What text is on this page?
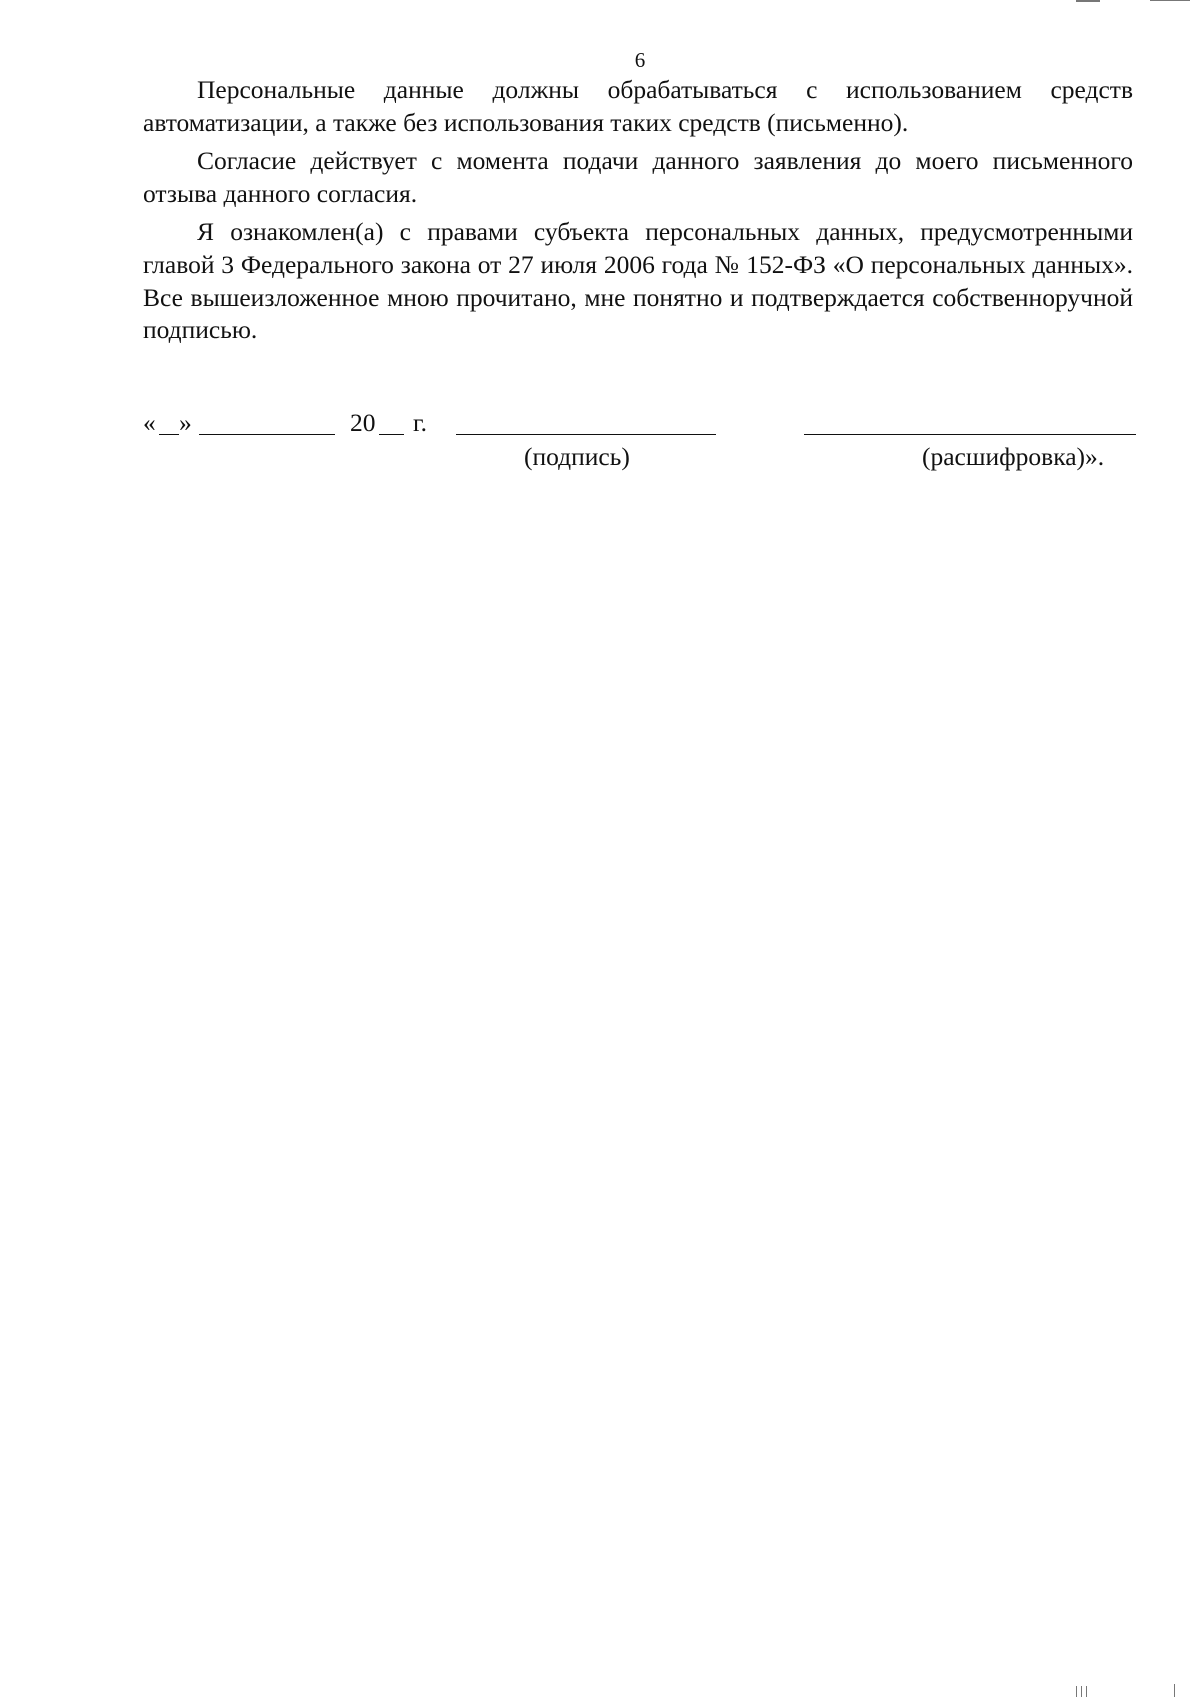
6

Персональные данные должны обрабатываться с использованием средств автоматизации, а также без использования таких средств (письменно).

Согласие действует с момента подачи данного заявления до моего письменного отзыва данного согласия.

Я ознакомлен(а) с правами субъекта персональных данных, предусмотренными главой 3 Федерального закона от 27 июля 2006 года № 152-ФЗ «О персональных данных». Все вышеизложенное мною прочитано, мне понятно и подтверждается собственноручной подписью.

« »	20 г.
(подпись)	(расшифровка)».
